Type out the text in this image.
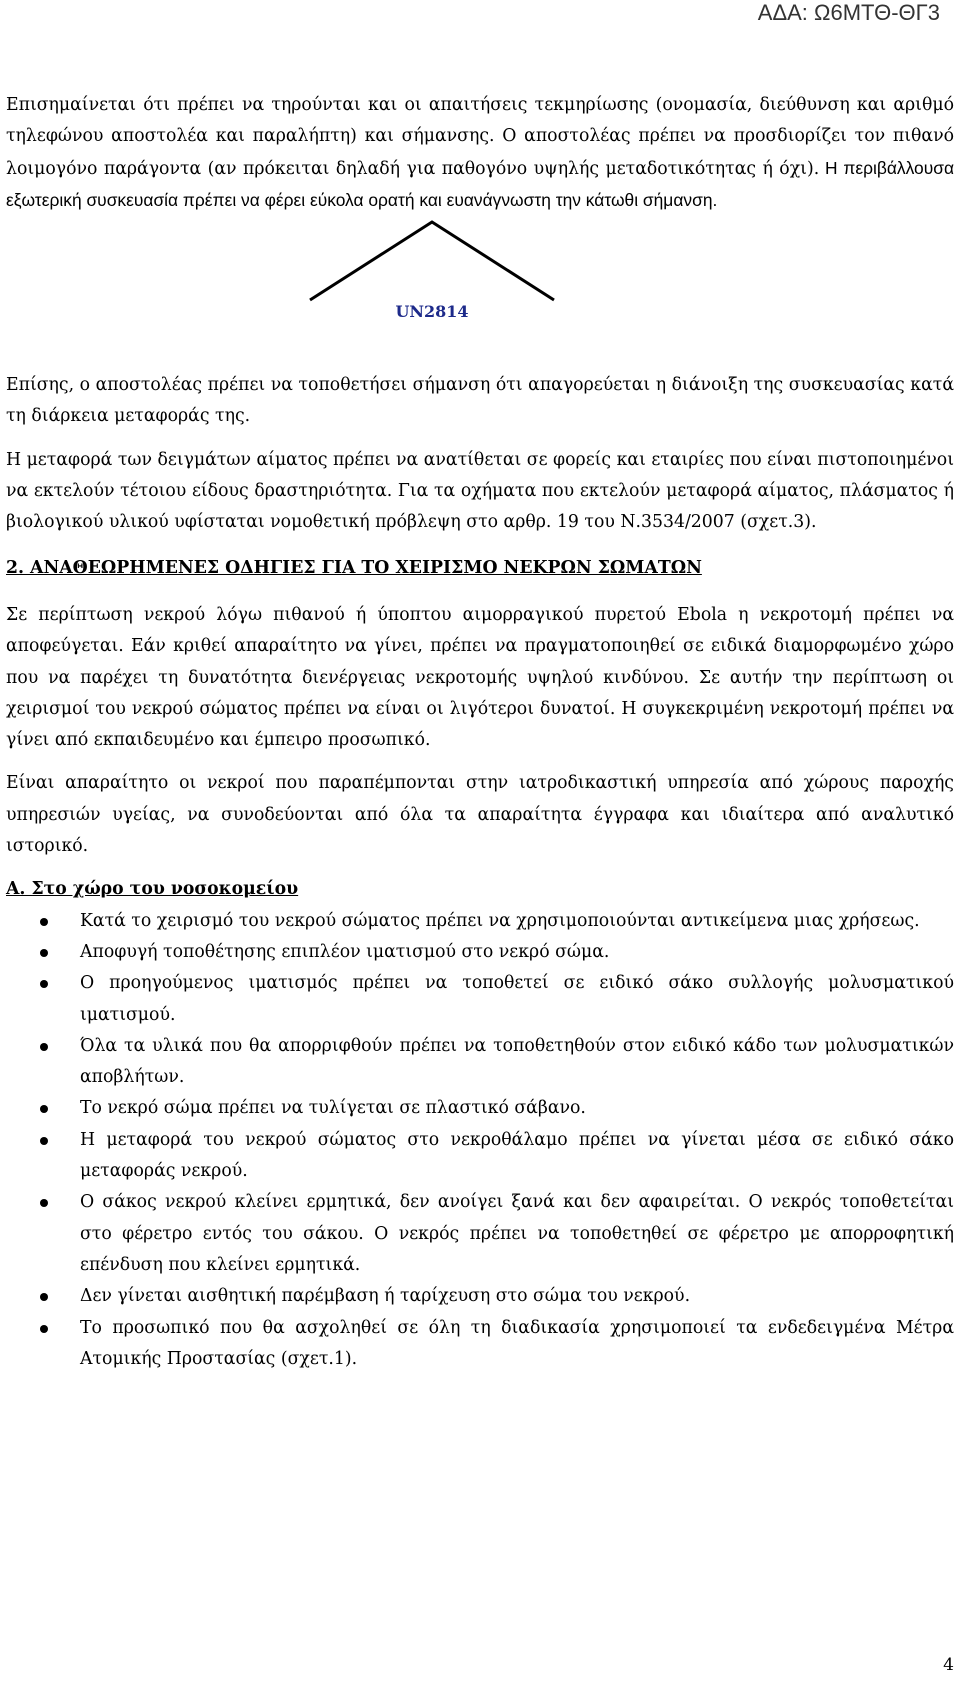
ΑΔΑ: Ω6ΜΤΘ-ΘΓ3

Επισημαίνεται ότι πρέπει να τηρούνται και οι απαιτήσεις τεκμηρίωσης (ονομασία, διεύθυνση και αριθμό τηλεφώνου αποστολέα και παραλήπτη) και σήμανσης. Ο αποστολέας πρέπει να προσδιορίζει τον πιθανό λοιμογόνο παράγοντα (αν πρόκειται δηλαδή για παθογόνο υψηλής μεταδοτικότητας ή όχι). Η περιβάλλουσα εξωτερική συσκευασία πρέπει να φέρει εύκολα ορατή και ευανάγνωστη την κάτωθι σήμανση.

UN2814

Επίσης, ο αποστολέας πρέπει να τοποθετήσει σήμανση ότι απαγορεύεται η διάνοιξη της συσκευασίας κατά τη διάρκεια μεταφοράς της.

Η μεταφορά των δειγμάτων αίματος πρέπει να ανατίθεται σε φορείς και εταιρίες που είναι πιστοποιημένοι να εκτελούν τέτοιου είδους δραστηριότητα. Για τα οχήματα που εκτελούν μεταφορά αίματος, πλάσματος ή βιολογικού υλικού υφίσταται νομοθετική πρόβλεψη στο αρθρ. 19 του Ν.3534/2007 (σχετ.3).

2. ΑΝΑΘΕΩΡΗΜΕΝΕΣ ΟΔΗΓΙΕΣ ΓΙΑ ΤΟ ΧΕΙΡΙΣΜΟ ΝΕΚΡΩΝ ΣΩΜΑΤΩΝ

Σε περίπτωση νεκρού λόγω πιθανού ή ύποπτου αιμορραγικού πυρετού Ebola η νεκροτομή πρέπει να αποφεύγεται. Εάν κριθεί απαραίτητο να γίνει, πρέπει να πραγματοποιηθεί σε ειδικά διαμορφωμένο χώρο που να παρέχει τη δυνατότητα διενέργειας νεκροτομής υψηλού κινδύνου. Σε αυτήν την περίπτωση οι χειρισμοί του νεκρού σώματος πρέπει να είναι οι λιγότεροι δυνατοί. Η συγκεκριμένη νεκροτομή πρέπει να γίνει από εκπαιδευμένο και έμπειρο προσωπικό.

Είναι απαραίτητο οι νεκροί που παραπέμπονται στην ιατροδικαστική υπηρεσία από χώρους παροχής υπηρεσιών υγείας, να συνοδεύονται από όλα τα απαραίτητα έγγραφα και ιδιαίτερα από αναλυτικό ιστορικό.

Α. Στο χώρο του νοσοκομείου

Κατά το χειρισμό του νεκρού σώματος πρέπει να χρησιμοποιούνται αντικείμενα μιας χρήσεως.

Αποφυγή τοποθέτησης επιπλέον ιματισμού στο νεκρό σώμα.

Ο προηγούμενος ιματισμός πρέπει να τοποθετεί σε ειδικό σάκο συλλογής μολυσματικού ιματισμού.

Όλα τα υλικά που θα απορριφθούν πρέπει να τοποθετηθούν στον ειδικό κάδο των μολυσματικών αποβλήτων.

Το νεκρό σώμα πρέπει να τυλίγεται σε πλαστικό σάβανο.

Η μεταφορά του νεκρού σώματος στο νεκροθάλαμο πρέπει να γίνεται μέσα σε ειδικό σάκο μεταφοράς νεκρού.

Ο σάκος νεκρού κλείνει ερμητικά, δεν ανοίγει ξανά και δεν αφαιρείται. Ο νεκρός τοποθετείται στο φέρετρο εντός του σάκου. Ο νεκρός πρέπει να τοποθετηθεί σε φέρετρο με απορροφητική επένδυση που κλείνει ερμητικά.

Δεν γίνεται αισθητική παρέμβαση ή ταρίχευση στο σώμα του νεκρού.

Το προσωπικό που θα ασχοληθεί σε όλη τη διαδικασία χρησιμοποιεί τα ενδεδειγμένα Μέτρα Ατομικής Προστασίας (σχετ.1).

4
